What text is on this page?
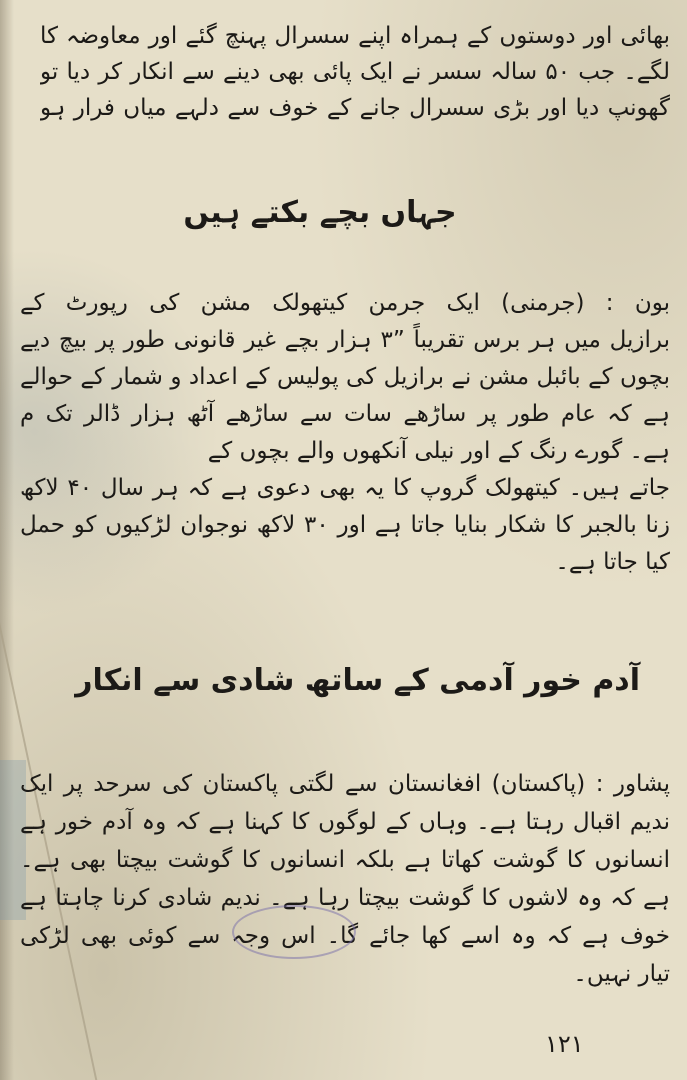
بھائی اور دوستوں کے ہمراہ اپنے سسرال پہنچ گئے اور معاوضہ کا
لگے۔ جب ۵۰ سالہ سسر نے ایک پائی بھی دینے سے انکار کر دیا تو
گھونپ دیا اور بڑی سسرال جانے کے خوف سے دلہے میاں فرار ہو
جہاں بچے بکتے ہیں
بون : (جرمنی) ایک جرمن کیتھولک مشن کی رپورٹ کے
برازیل میں ہر برس تقریباً ”۳ ہزار بچے غیر قانونی طور پر بیچ دیے
بچوں کے بائبل مشن نے برازیل کی پولیس کے اعداد و شمار کے حوالے
ہے کہ عام طور پر ساڑھے سات سے ساڑھے آٹھ ہزار ڈالر تک م
ہے۔ گورے رنگ کے اور نیلی آنکھوں والے بچوں کے
جاتے ہیں۔ کیتھولک گروپ کا یہ بھی دعوی ہے کہ ہر سال ۴۰ لاکھ
زنا بالجبر کا شکار بنایا جاتا ہے اور ۳۰ لاکھ نوجوان لڑکیوں کو حمل
کیا جاتا ہے۔
آدم خور آدمی کے ساتھ شادی سے انکار
پشاور : (پاکستان) افغانستان سے لگتی پاکستان کی سرحد پر ایک
ندیم اقبال رہتا ہے۔ وہاں کے لوگوں کا کہنا ہے کہ وہ آدم خور ہے
انسانوں کا گوشت کھاتا ہے بلکہ انسانوں کا گوشت بیچتا بھی ہے۔
ہے کہ وہ لاشوں کا گوشت بیچتا رہا ہے۔ ندیم شادی کرنا چاہتا ہے
خوف ہے کہ وہ اسے کھا جائے گا۔ اس وجہ سے کوئی بھی لڑکی
تیار نہیں۔
۱۲۱
